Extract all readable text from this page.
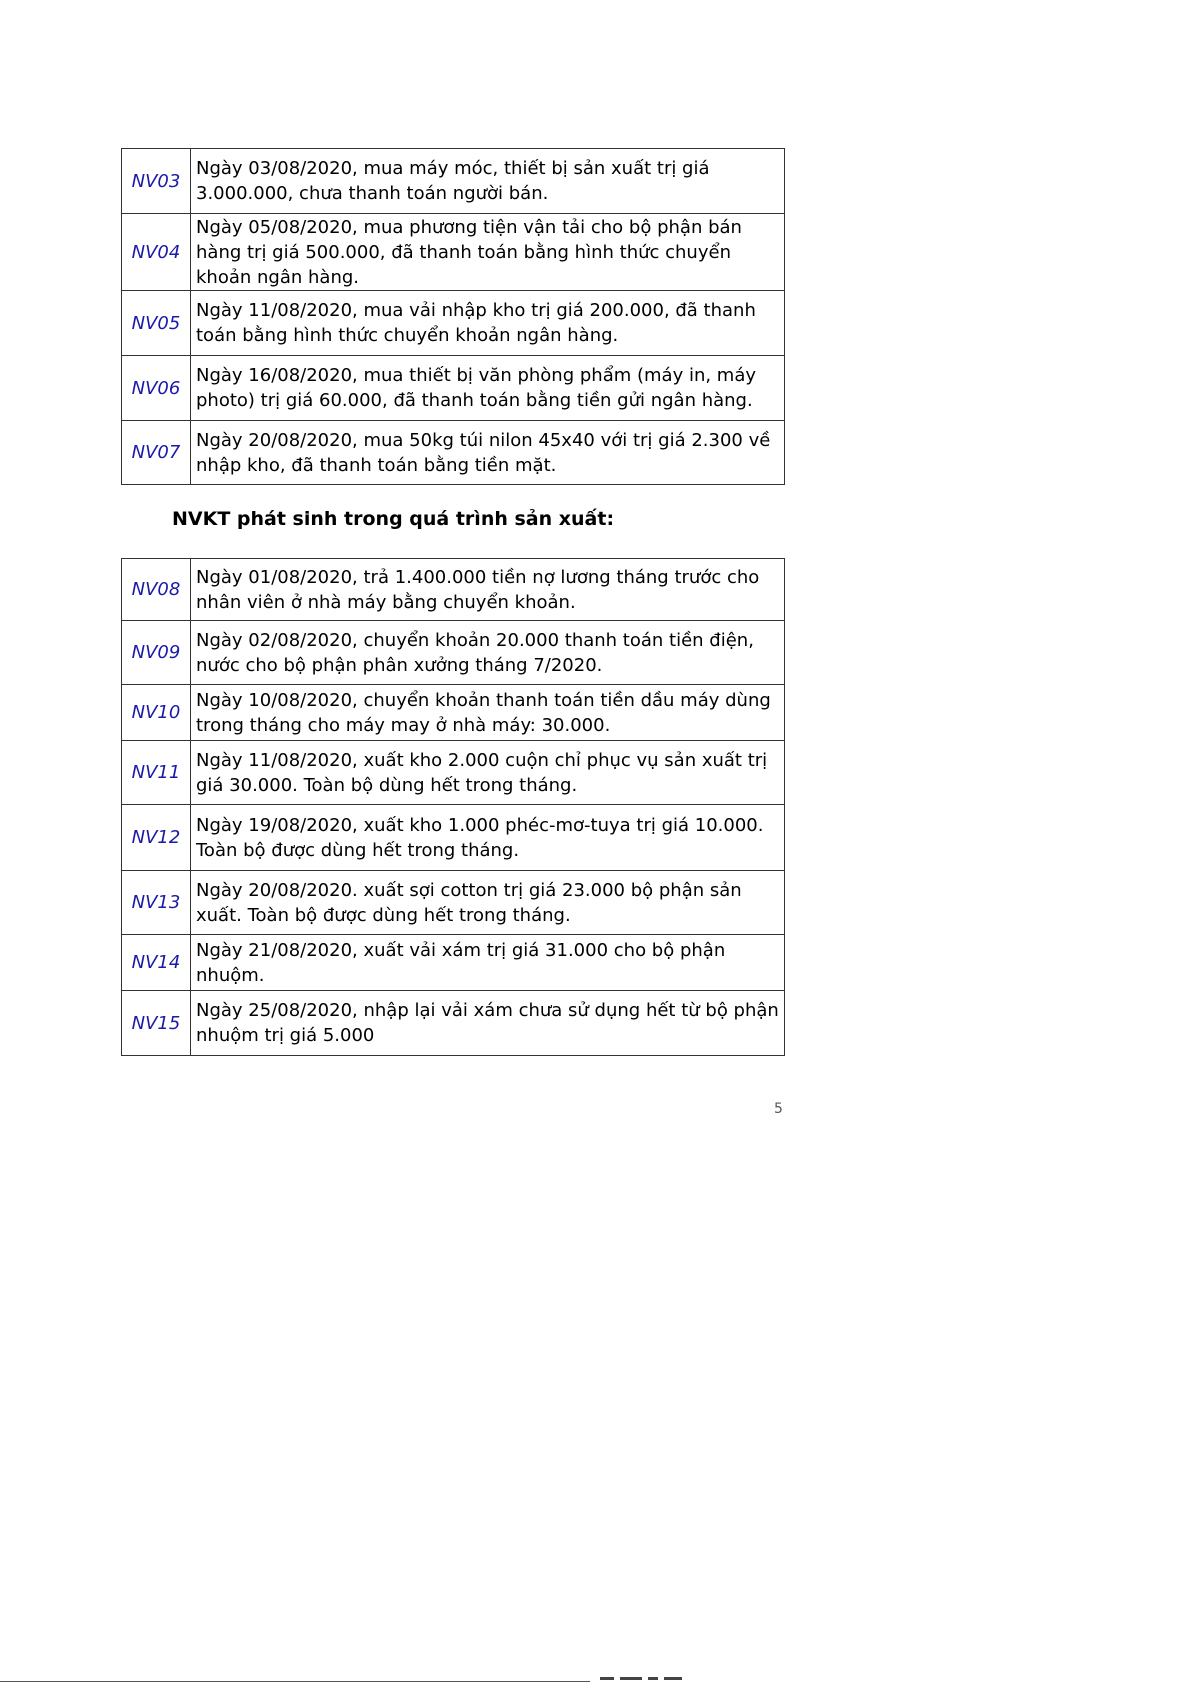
NV03	Ngày 03/08/2020, mua máy móc, thiết bị sản xuất trị giá 3.000.000, chưa thanh toán người bán.

NV04	Ngày 05/08/2020, mua phương tiện vận tải cho bộ phận bán hàng trị giá 500.000, đã thanh toán bằng hình thức chuyển khoản ngân hàng.

NV05	Ngày 11/08/2020, mua vải nhập kho trị giá 200.000, đã thanh toán bằng hình thức chuyển khoản ngân hàng.

NV06	Ngày 16/08/2020, mua thiết bị văn phòng phẩm (máy in, máy photo) trị giá 60.000, đã thanh toán bằng tiền gửi ngân hàng.

NV07	Ngày 20/08/2020, mua 50kg túi nilon 45x40 với trị giá 2.300 về nhập kho, đã thanh toán bằng tiền mặt.
NVKT phát sinh trong quá trình sản xuất:
NV08	Ngày 01/08/2020, trả 1.400.000 tiền nợ lương tháng trước cho nhân viên ở nhà máy bằng chuyển khoản.

NV09	Ngày 02/08/2020, chuyển khoản 20.000 thanh toán tiền điện, nước cho bộ phận phân xưởng tháng 7/2020.

NV10	Ngày 10/08/2020, chuyển khoản thanh toán tiền dầu máy dùng trong tháng cho máy may ở nhà máy: 30.000.

NV11	Ngày 11/08/2020, xuất kho 2.000 cuộn chỉ phục vụ sản xuất trị giá 30.000. Toàn bộ dùng hết trong tháng.

NV12	Ngày 19/08/2020, xuất kho 1.000 phéc-mơ-tuya trị giá 10.000. Toàn bộ được dùng hết trong tháng.

NV13	Ngày 20/08/2020. xuất sợi cotton trị giá 23.000 bộ phận sản xuất. Toàn bộ được dùng hết trong tháng.

NV14	Ngày 21/08/2020, xuất vải xám trị giá 31.000 cho bộ phận nhuộm.

NV15	Ngày 25/08/2020, nhập lại vải xám chưa sử dụng hết từ bộ phận nhuộm trị giá 5.000
5
